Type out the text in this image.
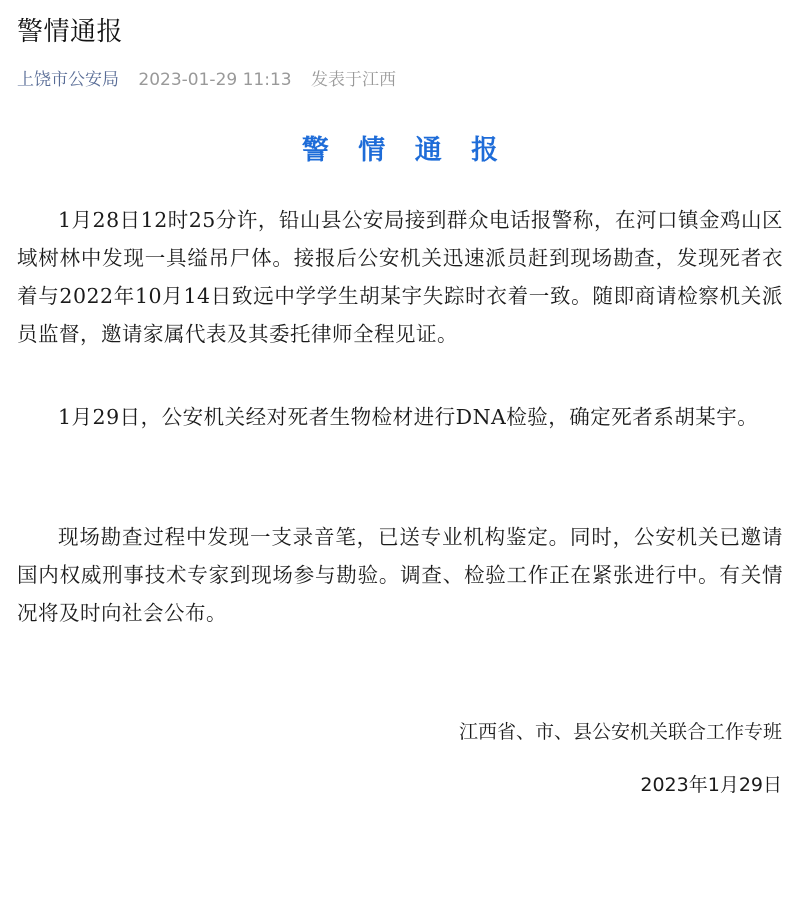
警情通报
上饶市公安局 2023-01-29 11:13 发表于江西
警 情 通 报
1月28日12时25分许，铅山县公安局接到群众电话报警称，在河口镇金鸡山区域树林中发现一具缢吊尸体。接报后公安机关迅速派员赶到现场勘查，发现死者衣着与2022年10月14日致远中学学生胡某宇失踪时衣着一致。随即商请检察机关派员监督，邀请家属代表及其委托律师全程见证。
1月29日，公安机关经对死者生物检材进行DNA检验，确定死者系胡某宇。
现场勘查过程中发现一支录音笔，已送专业机构鉴定。同时，公安机关已邀请国内权威刑事技术专家到现场参与勘验。调查、检验工作正在紧张进行中。有关情况将及时向社会公布。
江西省、市、县公安机关联合工作专班
2023年1月29日
